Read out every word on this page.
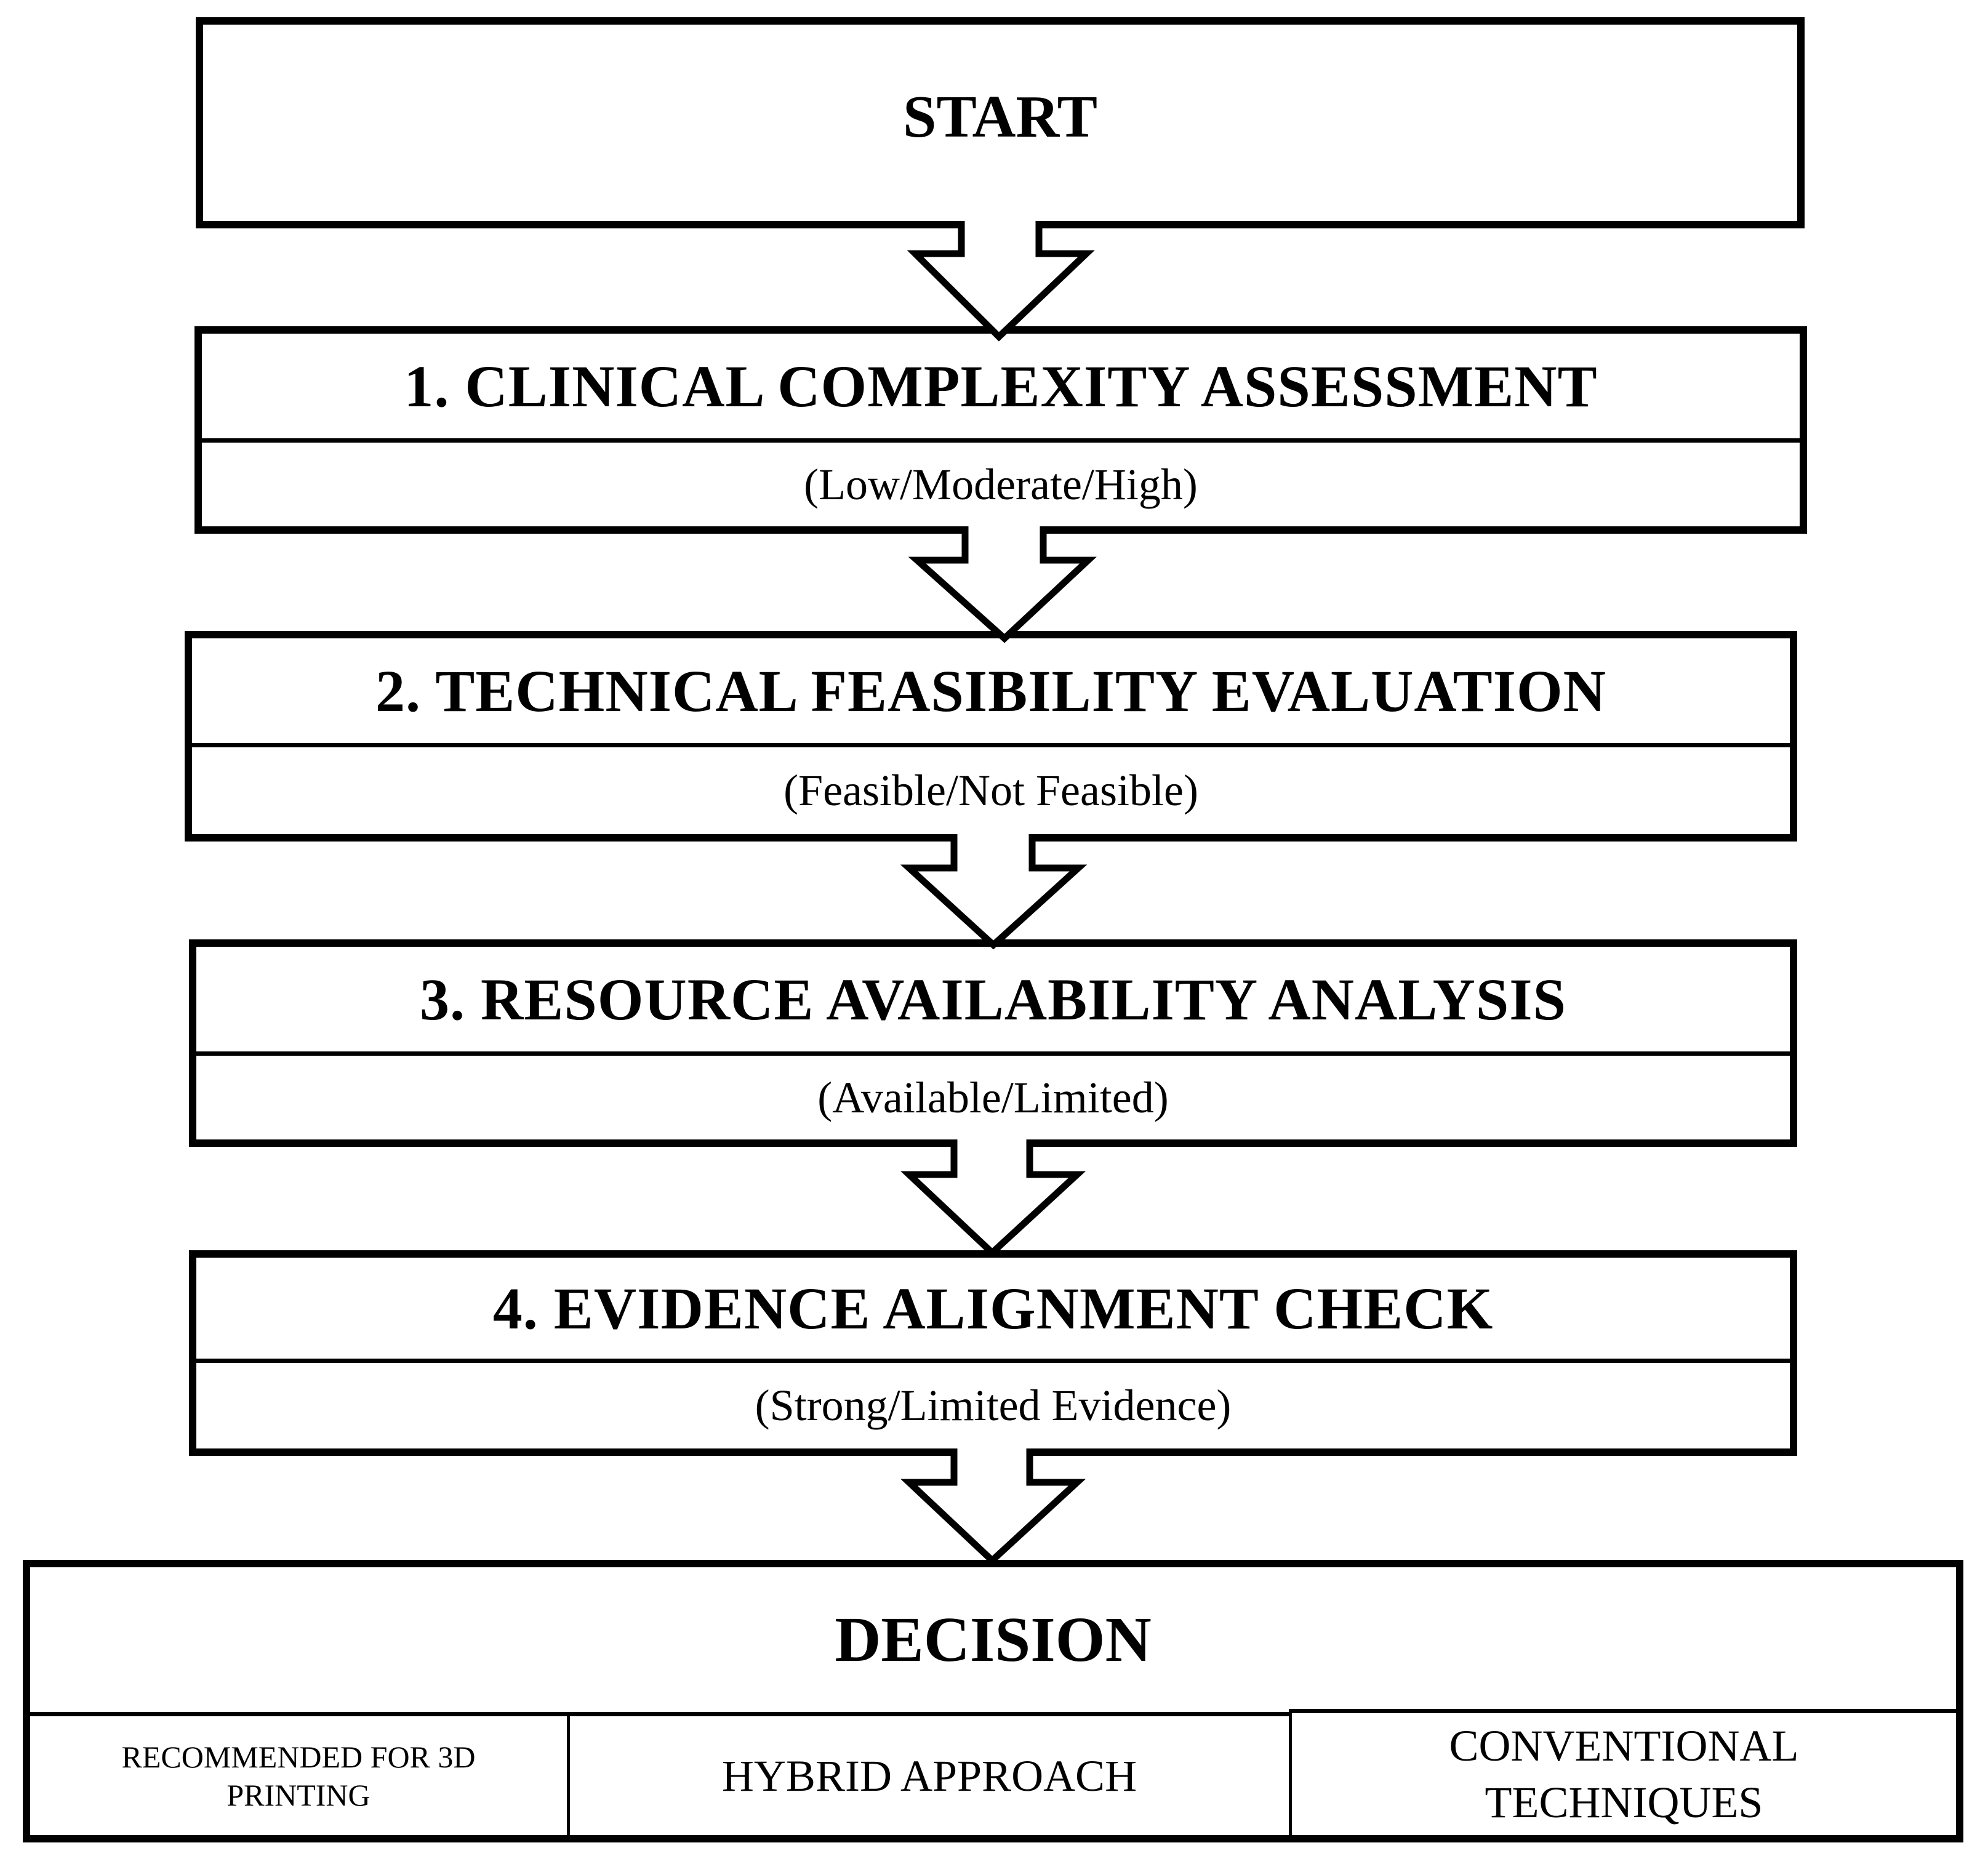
START
1. CLINICAL COMPLEXITY ASSESSMENT
(Low/Moderate/High)
2. TECHNICAL FEASIBILITY EVALUATION
(Feasible/Not Feasible)
3. RESOURCE AVAILABILITY ANALYSIS
(Available/Limited)
4. EVIDENCE ALIGNMENT CHECK
(Strong/Limited Evidence)
DECISION
RECOMMENDED FOR 3D
PRINTING	HYBRID APPROACH
CONVENTIONAL
TECHNIQUES
